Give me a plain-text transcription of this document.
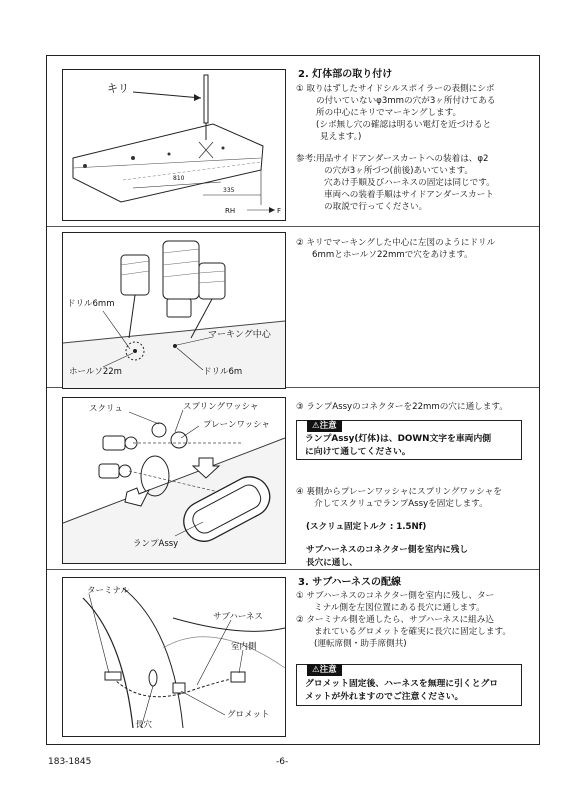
キリ
810
335
RH	F
ドリル6mm
マーキング中心
ホールソ22m	ドリル6m
スクリュ	スプリングワッシャ
プレーンワッシャ
ランプAssy
ターミナル
サブハーネス
室内側
長穴
グロメット
2. 灯体部の取り付け
① 取りはずしたサイドシルスポイラーの表側にシボ
の付いていないφ3mmの穴が3ヶ所付けてある
所の中心にキリでマーキングします。
(シボ無し穴の確認は明るい電灯を近づけると
見えます。)
参考:用品サイドアンダースカートへの装着は、φ2
の穴が3ヶ所づつ(前後)あいています。
穴あけ手順及びハーネスの固定は同じです。
車両への装着手順はサイドアンダースカート
の取説で行ってください。
② キリでマーキングした中心に左図のようにドリル
6mmとホールソ22mmで穴をあけます。
③ ランプAssyのコネクターを22mmの穴に通します。
⚠注意
ランプAssy(灯体)は、DOWN文字を車両内側
に向けて通してください。
④ 裏側からプレーンワッシャにスプリングワッシャを
介してスクリュでランプAssyを固定します。
(スクリュ固定トルク : 1.5Nf)
サブハーネスのコネクター側を室内に残し
長穴に通し、
3. サブハーネスの配線
① サブハーネスのコネクター側を室内に残し、ター
ミナル側を左図位置にある長穴に通します。
② ターミナル側を通したら、サブハーネスに組み込
まれているグロメットを確実に長穴に固定します。
(運転席側・助手席側共)
⚠注意
グロメット固定後、ハーネスを無理に引くとグロ
メットが外れますのでご注意ください。
183-1845	-6-
